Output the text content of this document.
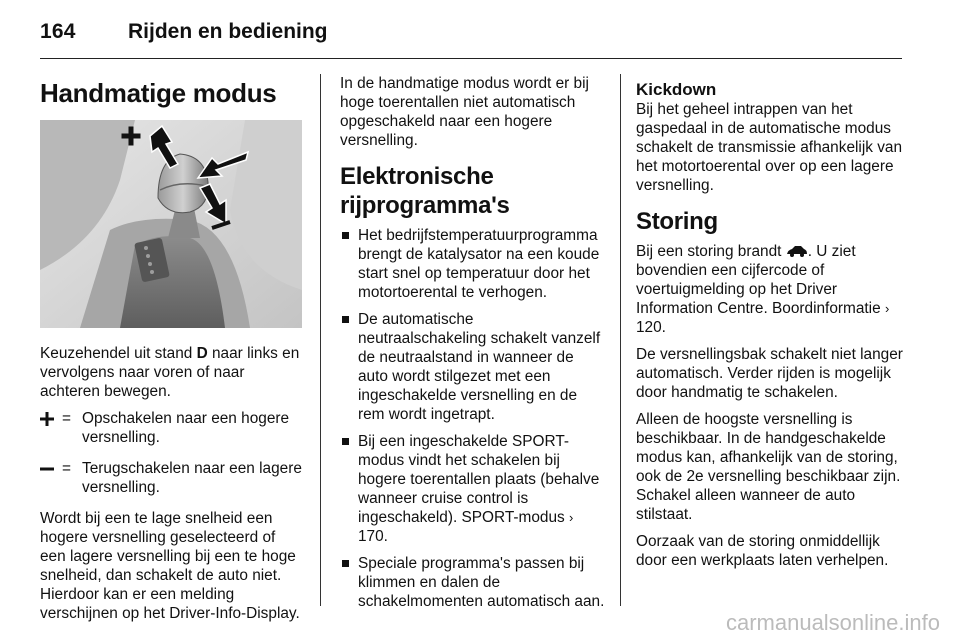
164 Rijden en bediening
Handmatige modus

Keuzehendel uit stand D naar links en vervolgens naar voren of naar achteren bewegen.

= Opschakelen naar een hogere versnelling.
= Terugschakelen naar een lagere versnelling.

Wordt bij een te lage snelheid een hogere versnelling geselecteerd of een lagere versnelling bij een te hoge snelheid, dan schakelt de auto niet. Hierdoor kan er een melding verschijnen op het Driver-Info-Display.

In de handmatige modus wordt er bij hoge toerentallen niet automatisch opgeschakeld naar een hogere versnelling.

Elektronische rijprogramma's
Het bedrijfstemperatuurprogramma brengt de katalysator na een koude start snel op temperatuur door het motortoerental te verhogen.
De automatische neutraalschakeling schakelt vanzelf de neutraalstand in wanneer de auto wordt stilgezet met een ingeschakelde versnelling en de rem wordt ingetrapt.
Bij een ingeschakelde SPORT-modus vindt het schakelen bij hogere toerentallen plaats (behalve wanneer cruise control is ingeschakeld). SPORT-modus › 170.
Speciale programma's passen bij klimmen en dalen de schakelmomenten automatisch aan.
Kickdown

Bij het geheel intrappen van het gaspedaal in de automatische modus schakelt de transmissie afhankelijk van het motortoerental over op een lagere versnelling.

Storing

Bij een storing brandt . U ziet bovendien een cijfercode of voertuigmelding op het Driver Information Centre. Boordinformatie › 120.

De versnellingsbak schakelt niet langer automatisch. Verder rijden is mogelijk door handmatig te schakelen.

Alleen de hoogste versnelling is beschikbaar. In de handgeschakelde modus kan, afhankelijk van de storing, ook de 2e versnelling beschikbaar zijn. Schakel alleen wanneer de auto stilstaat.

Oorzaak van de storing onmiddellijk door een werkplaats laten verhelpen.

carmanualsonline.info
